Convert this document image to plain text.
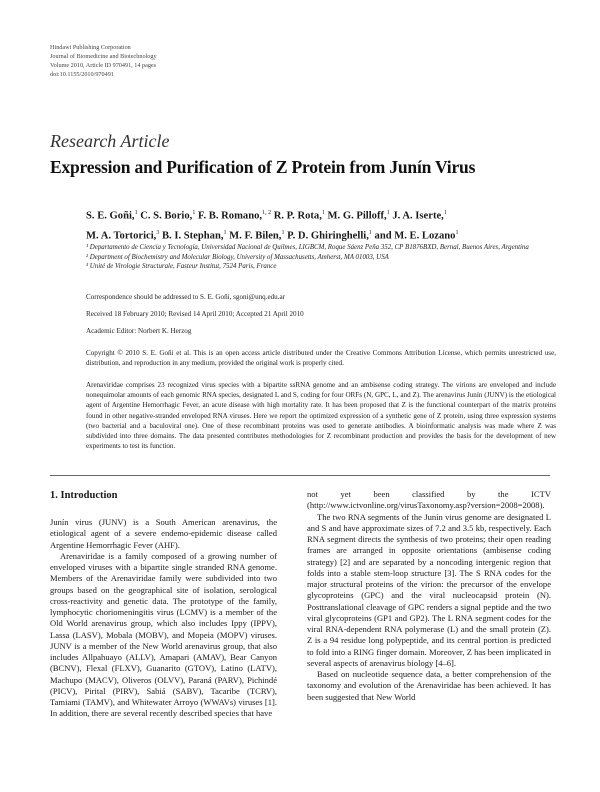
Hindawi Publishing Corporation
Journal of Biomedicine and Biotechnology
Volume 2010, Article ID 970491, 14 pages
doi:10.1155/2010/970491
Research Article
Expression and Purification of Z Protein from Junín Virus
S. E. Goñi,$^1$ C. S. Borio,$^1$ F. B. Romano,$^{1, 2}$ R. P. Rota,$^1$ M. G. Pilloff,$^1$ J. A. Iserte,$^1$
M. A. Tortorici,$^3$ B. I. Stephan,$^1$ M. F. Bilen,$^1$ P. D. Ghiringhelli,$^1$ and M. E. Lozano$^1$
¹ Departamento de Ciencia y Tecnología, Universidad Nacional de Quilmes, LIGBCM, Roque Sáenz Peña 352, CP B1876BXD, Bernal, Buenos Aires, Argentina
² Department of Biochemistry and Molecular Biology, University of Massachusetts, Amherst, MA 01003, USA
³ Unité de Virologie Structurale, Fasteur Institut, 7524 Paris, France
Correspondence should be addressed to S. E. Goñi, sgoni@unq.edu.ar
Received 18 February 2010; Revised 14 April 2010; Accepted 21 April 2010
Academic Editor: Norbert K. Herzog
Copyright © 2010 S. E. Goñi et al. This is an open access article distributed under the Creative Commons Attribution License, which permits unrestricted use, distribution, and reproduction in any medium, provided the original work is properly cited.
Arenaviridae comprises 23 recognized virus species with a bipartite ssRNA genome and an ambisense coding strategy. The virions are enveloped and include nonequimolar amounts of each genomic RNA species, designated L and S, coding for four ORFs (N, GPC, L, and Z). The arenavirus Junín (JUNV) is the etiological agent of Argentine Hemorrhagic Fever, an acute disease with high mortality rate. It has been proposed that Z is the functional counterpart of the matrix proteins found in other negative-stranded enveloped RNA viruses. Here we report the optimized expression of a synthetic gene of Z protein, using three expression systems (two bacterial and a baculoviral one). One of these recombinant proteins was used to generate antibodies. A bioinformatic analysis was made where Z was subdivided into three domains. The data presented contributes methodologies for Z recombinant production and provides the basis for the development of new experiments to test its function.
1. Introduction

Junín virus (JUNV) is a South American arenavirus, the etiological agent of a severe endemo-epidemic disease called Argentine Hemorrhagic Fever (AHF).

Arenaviridae is a family composed of a growing number of enveloped viruses with a bipartite single stranded RNA genome. Members of the Arenaviridae family were subdivided into two groups based on the geographical site of isolation, serological cross-reactivity and genetic data. The prototype of the family, lymphocytic choriomeningitis virus (LCMV) is a member of the Old World arenavirus group, which also includes Ippy (IPPV), Lassa (LASV), Mobala (MOBV), and Mopeia (MOPV) viruses. JUNV is a member of the New World arenavirus group, that also includes Allpahuayo (ALLV), Amapari (AMAV), Bear Canyon (BCNV), Flexal (FLXV), Guanarito (GTOV), Latino (LATV), Machupo (MACV), Oliveros (OLVV), Paraná (PARV), Pichindé (PICV), Pirital (PIRV), Sabiá (SABV), Tacaribe (TCRV), Tamiami (TAMV), and Whitewater Arroyo (WWAVs) viruses [1]. In addition, there are several recently described species that have

not yet been classified by the ICTV (http://www.ictvonline.org/virusTaxonomy.asp?version=2008=2008).

The two RNA segments of the Junín virus genome are designated L and S and have approximate sizes of 7.2 and 3.5 kb, respectively. Each RNA segment directs the synthesis of two proteins; their open reading frames are arranged in opposite orientations (ambisense coding strategy) [2] and are separated by a noncoding intergenic region that folds into a stable stem-loop structure [3]. The S RNA codes for the major structural proteins of the virion: the precursor of the envelope glycoproteins (GPC) and the viral nucleocapsid protein (N). Posttranslational cleavage of GPC renders a signal peptide and the two viral glycoproteins (GP1 and GP2). The L RNA segment codes for the viral RNA-dependent RNA polymerase (L) and the small protein (Z). Z is a 94 residue long polypeptide, and its central portion is predicted to fold into a RING finger domain. Moreover, Z has been implicated in several aspects of arenavirus biology [4–6].

Based on nucleotide sequence data, a better comprehension of the taxonomy and evolution of the Arenaviridae has been achieved. It has been suggested that New World
